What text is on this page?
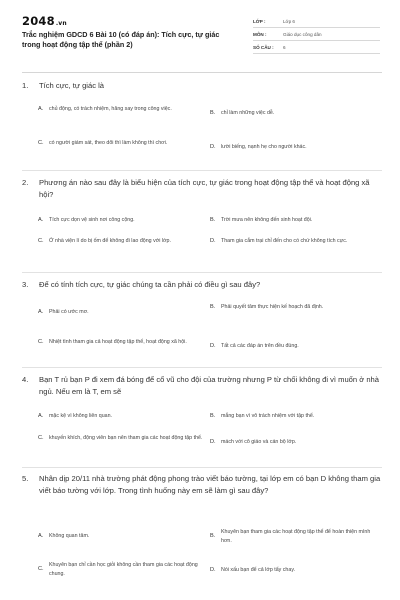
2048.vn
Trắc nghiệm GDCD 6 Bài 10 (có đáp án): Tích cực, tự giác trong hoạt động tập thể (phần 2)
LỚP :	Lớp 6
MÔN :	Giáo dục công dân
SỐ CÂU :	6
1.	Tích cực, tự giác là
A.	chủ động, có trách nhiệm, hăng say trong công việc.
B.	chỉ làm những việc dễ.
C.	có người giám sát, theo dõi thì làm không thì chơi.
D.	lười biếng, nạnh hẹ cho người khác.
2.	Phương án nào sau đây là biểu hiện của tích cực, tự giác trong hoạt động tập thể và hoạt động xã hội?
A.	Tích cực dọn vệ sinh nơi công cộng.	B.	Trời mưa nên không đến sinh hoạt đội.
C.	Ở nhà viện lí do bị ốm để không đi lao động với lớp.	D.	Tham gia cắm trại chỉ đến cho có chứ không tích cực.
3.	Để có tính tích cực, tự giác chúng ta cần phải có điều gì sau đây?
A.	Phải có ước mơ.
B.	Phải quyết tâm thực hiện kế hoạch đã định.
C.	Nhiệt tình tham gia cả hoạt động tập thể, hoạt động xã hội.
D.	Tất cả các đáp án trên đều đúng.
4.	Bạn T rủ bạn P đi xem đá bóng để cổ vũ cho đội của trường nhưng P từ chối không đi vì muốn ở nhà ngủ. Nếu em là T, em sẽ
A.	mặc kệ vì không liên quan.	B.	mắng bạn vì vô trách nhiệm với tập thể.
C.	khuyến khích, động viên bạn nên tham gia các hoạt động tập thể.
D.	mách với cô giáo và cán bộ lớp.
5.	Nhân dịp 20/11 nhà trường phát động phong trào viết báo tường, tại lớp em có bạn D không tham gia viết báo tường với lớp. Trong tình huống này em sẽ làm gì sau đây?
A.	Không quan tâm.	B.
Khuyên bạn tham gia các hoạt động tập thể để hoàn thiện mình hơn.
C.
Khuyên bạn chỉ cần học giỏi không cần tham gia các hoạt động chung.
D.	Nói xấu bạn để cả lớp tẩy chay.
